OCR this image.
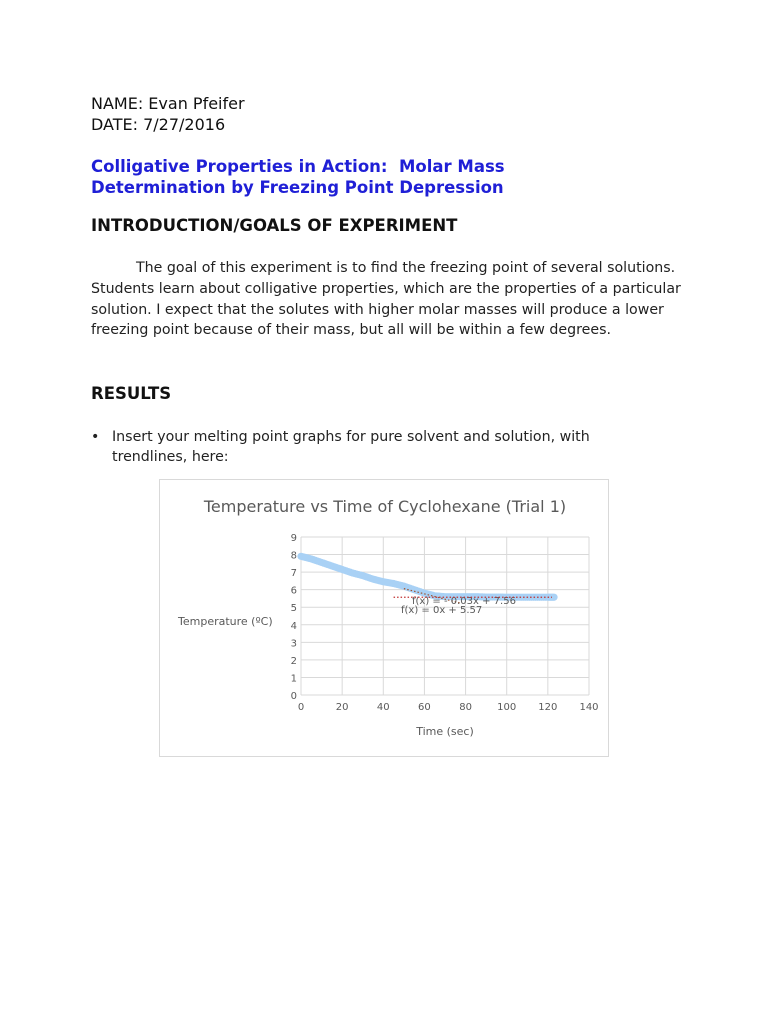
NAME: Evan Pfeifer
DATE: 7/27/2016
Colligative Properties in Action:  Molar Mass
Determination by Freezing Point Depression
INTRODUCTION/GOALS OF EXPERIMENT
The goal of this experiment is to find the freezing point of several solutions. Students learn about colligative properties, which are the properties of a particular solution. I expect that the solutes with higher molar masses will produce a lower freezing point because of their mass, but all will be within a few degrees.
RESULTS
• Insert your melting point graphs for pure solvent and solution, with trendlines, here:
Temperature vs Time of Cyclohexane (Trial 1)
0
1
2
3
4
5
6
7
8
9
0	20	40	60	80	100 120 140
Time (sec)
Temperature (ºC)
f(x) = - 0.03x + 7.56
f(x) = 0x + 5.57
